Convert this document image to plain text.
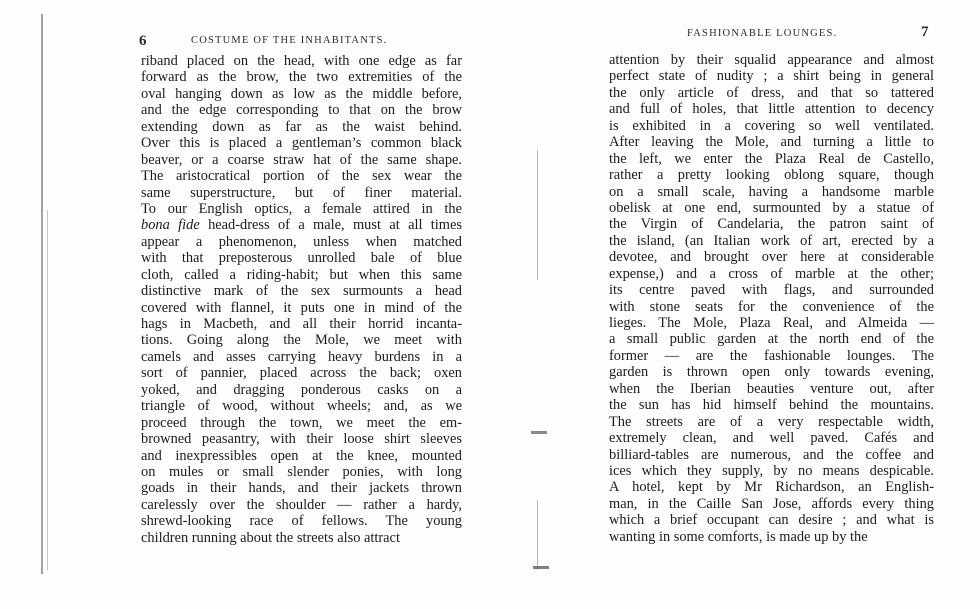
6	COSTUME OF THE INHABITANTS.
FASHIONABLE LOUNGES.	7
riband placed on the head, with one edge as far
forward as the brow, the two extremities of the
oval hanging down as low as the middle before,
and the edge corresponding to that on the brow
extending down as far as the waist behind.
Over this is placed a gentleman’s common black
beaver, or a coarse straw hat of the same shape.
The aristocratical portion of the sex wear the
same superstructure, but of finer material.
To our English optics, a female attired in the
bona fide head-dress of a male, must at all times
appear a phenomenon, unless when matched
with that preposterous unrolled bale of blue
cloth, called a riding-habit; but when this same
distinctive mark of the sex surmounts a head
covered with flannel, it puts one in mind of the
hags in Macbeth, and all their horrid incanta-
tions. Going along the Mole, we meet with
camels and asses carrying heavy burdens in a
sort of pannier, placed across the back; oxen
yoked, and dragging ponderous casks on a
triangle of wood, without wheels; and, as we
proceed through the town, we meet the em-
browned peasantry, with their loose shirt sleeves
and inexpressibles open at the knee, mounted
on mules or small slender ponies, with long
goads in their hands, and their jackets thrown
carelessly over the shoulder — rather a hardy,
shrewd-looking race of fellows. The young
children running about the streets also attract
attention by their squalid appearance and almost
perfect state of nudity ; a shirt being in general
the only article of dress, and that so tattered
and full of holes, that little attention to decency
is exhibited in a covering so well ventilated.
After leaving the Mole, and turning a little to
the left, we enter the Plaza Real de Castello,
rather a pretty looking oblong square, though
on a small scale, having a handsome marble
obelisk at one end, surmounted by a statue of
the Virgin of Candelaria, the patron saint of
the island, (an Italian work of art, erected by a
devotee, and brought over here at considerable
expense,) and a cross of marble at the other;
its centre paved with flags, and surrounded
with stone seats for the convenience of the
lieges. The Mole, Plaza Real, and Almeida —
a small public garden at the north end of the
former — are the fashionable lounges. The
garden is thrown open only towards evening,
when the Iberian beauties venture out, after
the sun has hid himself behind the mountains.
The streets are of a very respectable width,
extremely clean, and well paved. Cafés and
billiard-tables are numerous, and the coffee and
ices which they supply, by no means despicable.
A hotel, kept by Mr Richardson, an English-
man, in the Caille San Jose, affords every thing
which a brief occupant can desire ; and what is
wanting in some comforts, is made up by the
